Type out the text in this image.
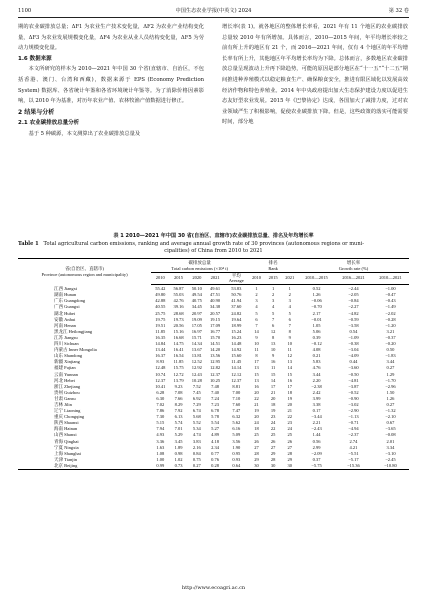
1100	中国生态农业学报(中英文) 2024	第 32 卷

期的农业碳排放总量；ΔF1 为农业生产技术变化量，ΔF2 为农业产业结构变化量，ΔF3 为农业发展规模变化量，ΔF4 为农业从业人员结构变化量，ΔF5 为劳动力规模变化量。

1.6 数据来源

本文所研究的样本为 2010—2021 年中国 30 个省(直辖市、自治区，不包括香港、澳门、台湾和西藏)，数据来源于 EPS (Economy Prediction System) 数据库、各省统计年鉴和各省环境统计年鉴等。为了消除价格因素影响，以 2010 年为基准，对历年农业产值、农林牧渔产值数据进行修正。

2 结果与分析
2.1 农业碳排放总量分析

基于 5 种碳源，本文测算出了农业碳排放总量及

增长率(表 1)。就各地区的整体增长率看，2021 年有 11 个地区的农业碳排放总量较 2010 年有所增加。具体而言，2010—2015 年间，年平均增长率较之前有所上升的地区有 21 个，而 2016—2021 年间，仅有 4 个地区的年平均增长率有所上升，其他地区年平均增长率均为下降。总体而言，多数地区农业碳排放总量呈现波动上升再下降趋势，可能的原因是部分地区在“十一五”“十二五”期间推进种养殖模式以稳定粮食生产、确保粮食安全，推进有限区域化以发展高效经济作物和特色养殖业。2014 年中央政府提出加大生态保护建设力度以促进生态友好型农业发展。2015 年《巴黎协定》达成，各国加大了减排力度，过对农业领域严生了积极影响，促使农业碳排放下降。但是，这些政策的落实可能需要时间，部分地

表 1 2010—2021 年中国 30 省(自治区、直辖市)农业碳排放总量、排名及年均增长率
Table 1 Total agricultural carbon emissions, ranking and average annual growth rate of 30 provinces (autonomous regions or muni-
cipalities) of China from 2010 to 2021
省(自治区、直辖市)
Province (autonomous region and municipality)	碳排放总量					排名			增长率		
	Total carbon emissions (×10⁴ t)					Rank			Growth rate (%)		
	2010	2015	2020	2021	平均 Average	2010	2015	2021	2010—2015	2016—2021	2010—2021
江西 Jiangxi	55.42	56.87	50.10	49.61	53.83	1	1	1	0.52	−2.44	−1.00
湖南 Hunan	49.80	55.03	49.54	47.51	50.76	2	2	2	1.26	−2.05	−0.47
广东 Guangdong	42.88	42.76	40.75	40.90	41.94	3	3	3	−0.06	−0.84	−0.43
广西 Guangxi	40.55	39.16	34.45	34.38	37.60	4	4	4	−0.70	−2.27	−1.49
湖北 Hubei	25.75	28.68	20.97	20.57	24.82	5	5	5	2.17	−4.82	−2.02
安徽 Anhui	19.75	19.73	19.09	19.15	19.64	6	7	6	−0.01	−0.59	−0.28
河南 Henan	19.51	20.56	17.05	17.09	18.99	7	6	7	1.05	−3.58	−1.20
黑龙江 Heilongjiang	11.85	15.16	16.97	16.77	15.24	14	12	8	5.06	0.54	3.21
江苏 Jiangsu	16.35	16.68	15.71	15.70	16.23	9	8	9	0.39	−1.09	−0.37
四川 Sichuan	14.84	14.75	14.34	14.51	14.48	10	13	10	−0.12	−0.38	−0.20
内蒙古 Inner Mongolia	13.44	16.41	13.67	14.20	14.92	11	10	11	4.08	−3.04	0.50
山东 Shandong	16.37	16.54	13.81	13.56	15.60	8	9	12	0.21	−4.09	−1.83
新疆 Xinjiang	8.93	11.85	12.52	12.95	11.45	17	16	13	5.83	0.44	3.44
福建 Fujian	12.48	15.75	12.92	12.82	14.14	13	11	14	4.76	−3.60	0.27
云南 Yunnan	10.74	12.72	12.43	12.37	12.12	15	15	15	3.44	−0.50	1.29
河北 Hebei	12.37	13.79	10.28	10.25	12.37	13	14	16	2.20	−4.81	−1.70
浙江 Zhejiang	10.41	9.23	7.52	7.48	8.81	16	17	17	−2.38	−3.87	−2.96
贵州 Guizhou	6.28	7.08	7.45	7.40	7.00	20	21	18	2.42	−0.52	1.50
甘肃 Gansu	6.30	7.66	6.92	7.24	7.10	22	20	19	3.99	−0.90	1.26
吉林 Jilin	7.02	8.29	7.29	7.23	7.60	21	18	20	3.38	−3.02	0.27
辽宁 Liaoning	7.86	7.92	6.74	6.78	7.47	19	19	21	0.17	−2.90	−1.32
重庆 Chongqing	7.30	6.13	5.68	5.78	6.32	20	23	22	−3.44	−1.13	−2.10
陕西 Shaanxi	5.15	5.74	5.52	5.54	5.62	24	24	23	2.21	−0.71	0.67
海南 Hainan	7.94	7.01	5.34	5.27	6.16	18	22	24	−2.43	−4.94	−3.65
山西 Shanxi	4.93	5.29	4.74	4.89	5.09	25	25	25	1.44	−2.37	−0.08
青海 Qinghai	3.36	3.45	3.83	4.18	3.56	26	26	26	0.56	2.74	2.01
宁夏 Ningxia	1.63	1.89	2.16	2.34	1.90	27	27	27	2.99	4.21	3.34
上海 Shanghai	1.08	0.98	0.84	0.77	0.95	28	29	28	−2.09	−5.51	−3.10
天津 Tianjin	1.00	1.02	0.75	0.76	0.93	29	28	29	0.37	−5.17	−2.45
北京 Beijing	0.99	0.73	0.27	0.28	0.64	30	30	30	−5.75	−15.36	−10.80
http://www.ecoagri.ac.cn
